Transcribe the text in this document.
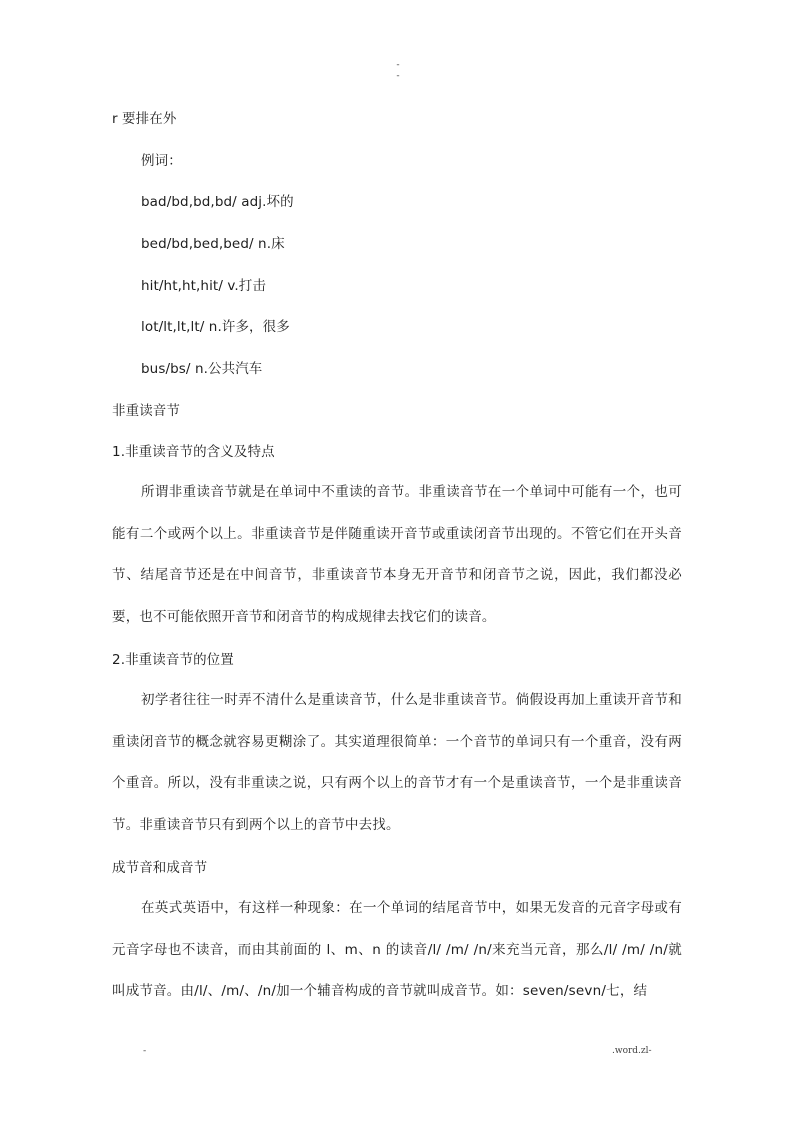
-
-
r 要排在外
例词：
bad/bd,bd,bd/ adj.坏的
bed/bd,bed,bed/ n.床
hit/ht,ht,hit/ v.打击
lot/lt,lt,lt/ n.许多，很多
bus/bs/ n.公共汽车
非重读音节
1.非重读音节的含义及特点
所谓非重读音节就是在单词中不重读的音节。非重读音节在一个单词中可能有一个，也可能有二个或两个以上。非重读音节是伴随重读开音节或重读闭音节出现的。不管它们在开头音节、结尾音节还是在中间音节，非重读音节本身无开音节和闭音节之说，因此，我们都没必要，也不可能依照开音节和闭音节的构成规律去找它们的读音。
2.非重读音节的位置
初学者往往一时弄不清什么是重读音节，什么是非重读音节。倘假设再加上重读开音节和重读闭音节的概念就容易更糊涂了。其实道理很简单：一个音节的单词只有一个重音，没有两个重音。所以，没有非重读之说，只有两个以上的音节才有一个是重读音节，一个是非重读音节。非重读音节只有到两个以上的音节中去找。
成节音和成音节
在英式英语中，有这样一种现象：在一个单词的结尾音节中，如果无发音的元音字母或有元音字母也不读音，而由其前面的 l、m、n 的读音/l/ /m/ /n/来充当元音，那么/l/ /m/ /n/就叫成节音。由/l/、/m/、/n/加一个辅音构成的音节就叫成音节。如：seven/sevn/七，结
-	.word.zl-
